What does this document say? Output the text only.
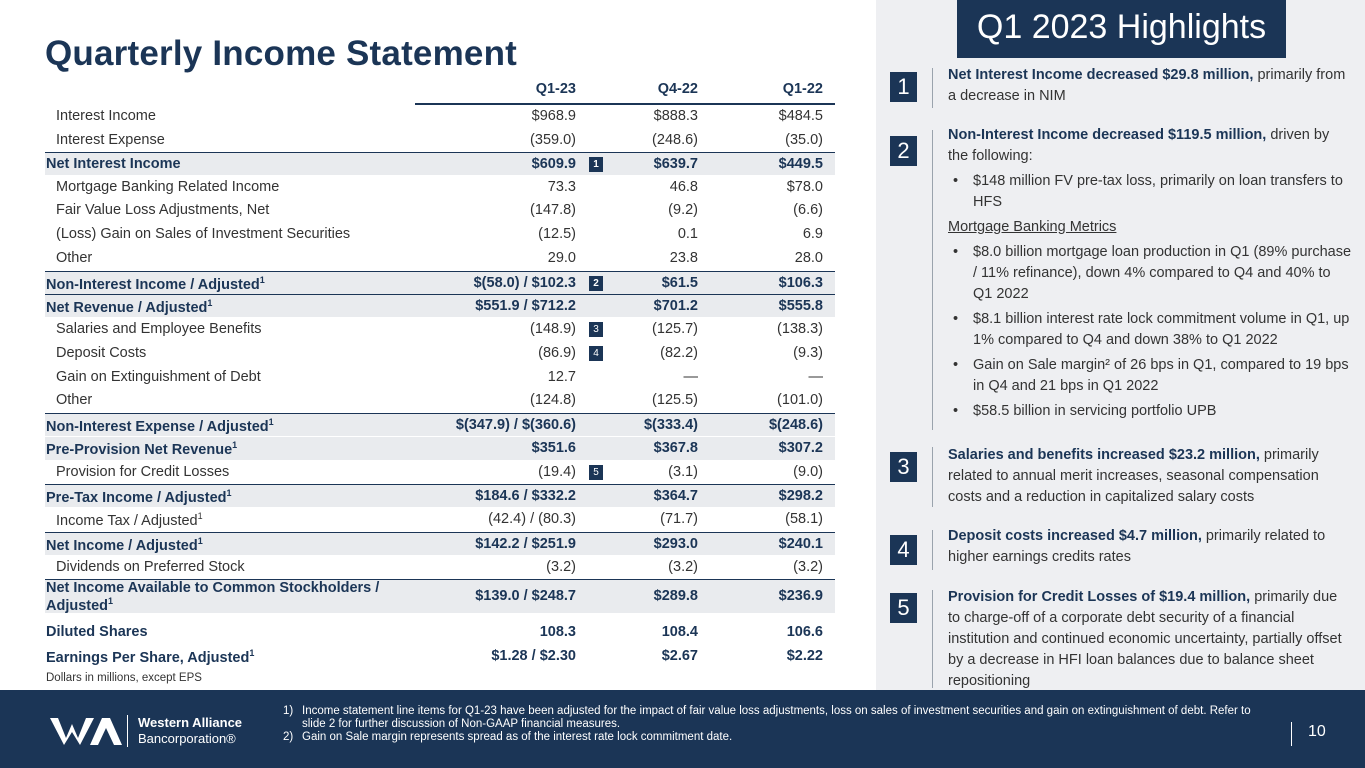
Quarterly Income Statement
Q1-23	Q4-22	Q1-22
Interest Income	$968.9	$888.3	$484.5
Interest Expense	(359.0)	(248.6)	(35.0)
Net Interest Income	$609.9	$639.7	$449.5
1
Mortgage Banking Related Income	73.3	46.8	$78.0
Fair Value Loss Adjustments, Net	(147.8)	(9.2)	(6.6)
(Loss) Gain on Sales of Investment Securities	(12.5)	0.1	6.9
Other	29.0	23.8	28.0
Non-Interest Income / Adjusted$^1$	$(58.0) / $102.3	$61.5	$106.3
2
Net Revenue / Adjusted$^1$	$551.9 / $712.2	$701.2	$555.8
Salaries and Employee Benefits	(148.9)	(125.7)	(138.3)
3
Deposit Costs	(86.9)	(82.2)	(9.3)
4
Gain on Extinguishment of Debt	12.7	—	—
Other	(124.8)	(125.5)	(101.0)
Non-Interest Expense / Adjusted$^1$	$(347.9) / $(360.6)	$(333.4)	$(248.6)
Pre-Provision Net Revenue$^1$	$351.6	$367.8	$307.2
Provision for Credit Losses	(19.4)	(3.1)	(9.0)
5
Pre-Tax Income / Adjusted$^1$	$184.6 / $332.2	$364.7	$298.2
Income Tax / Adjusted$^1$	(42.4) / (80.3)	(71.7)	(58.1)
Net Income / Adjusted$^1$	$142.2 / $251.9	$293.0	$240.1
Dividends on Preferred Stock	(3.2)	(3.2)	(3.2)
Net Income Available to Common Stockholders / Adjusted$^1$	$139.0 / $248.7	$289.8	$236.9
Diluted Shares	108.3	108.4	106.6
Earnings Per Share, Adjusted$^1$	$1.28 / $2.30	$2.67	$2.22
Dollars in millions, except EPS
Q1 2023 Highlights
1	Net Interest Income decreased $29.8 million, primarily from a decrease in NIM
2
Non-Interest Income decreased $119.5 million, driven by the following:
• $148 million FV pre-tax loss, primarily on loan transfers to HFS
Mortgage Banking Metrics
• $8.0 billion mortgage loan production in Q1 (89% purchase / 11% refinance), down 4% compared to Q4 and 40% to Q1 2022
• $8.1 billion interest rate lock commitment volume in Q1, up 1% compared to Q4 and down 38% to Q1 2022
• Gain on Sale margin² of 26 bps in Q1, compared to 19 bps in Q4 and 21 bps in Q1 2022
• $58.5 billion in servicing portfolio UPB
3	Salaries and benefits increased $23.2 million, primarily related to annual merit increases, seasonal compensation costs and a reduction in capitalized salary costs
4
Deposit costs increased $4.7 million, primarily related to higher earnings credits rates
5	Provision for Credit Losses of $19.4 million, primarily due to charge-off of a corporate debt security of a financial institution and continued economic uncertainty, partially offset by a decrease in HFI loan balances due to balance sheet repositioning
Western Alliance
Bancorporation®
1) Income statement line items for Q1-23 have been adjusted for the impact of fair value loss adjustments, loss on sales of investment securities and gain on extinguishment of debt. Refer to slide 2 for further discussion of Non-GAAP financial measures.
2) Gain on Sale margin represents spread as of the interest rate lock commitment date.	10
